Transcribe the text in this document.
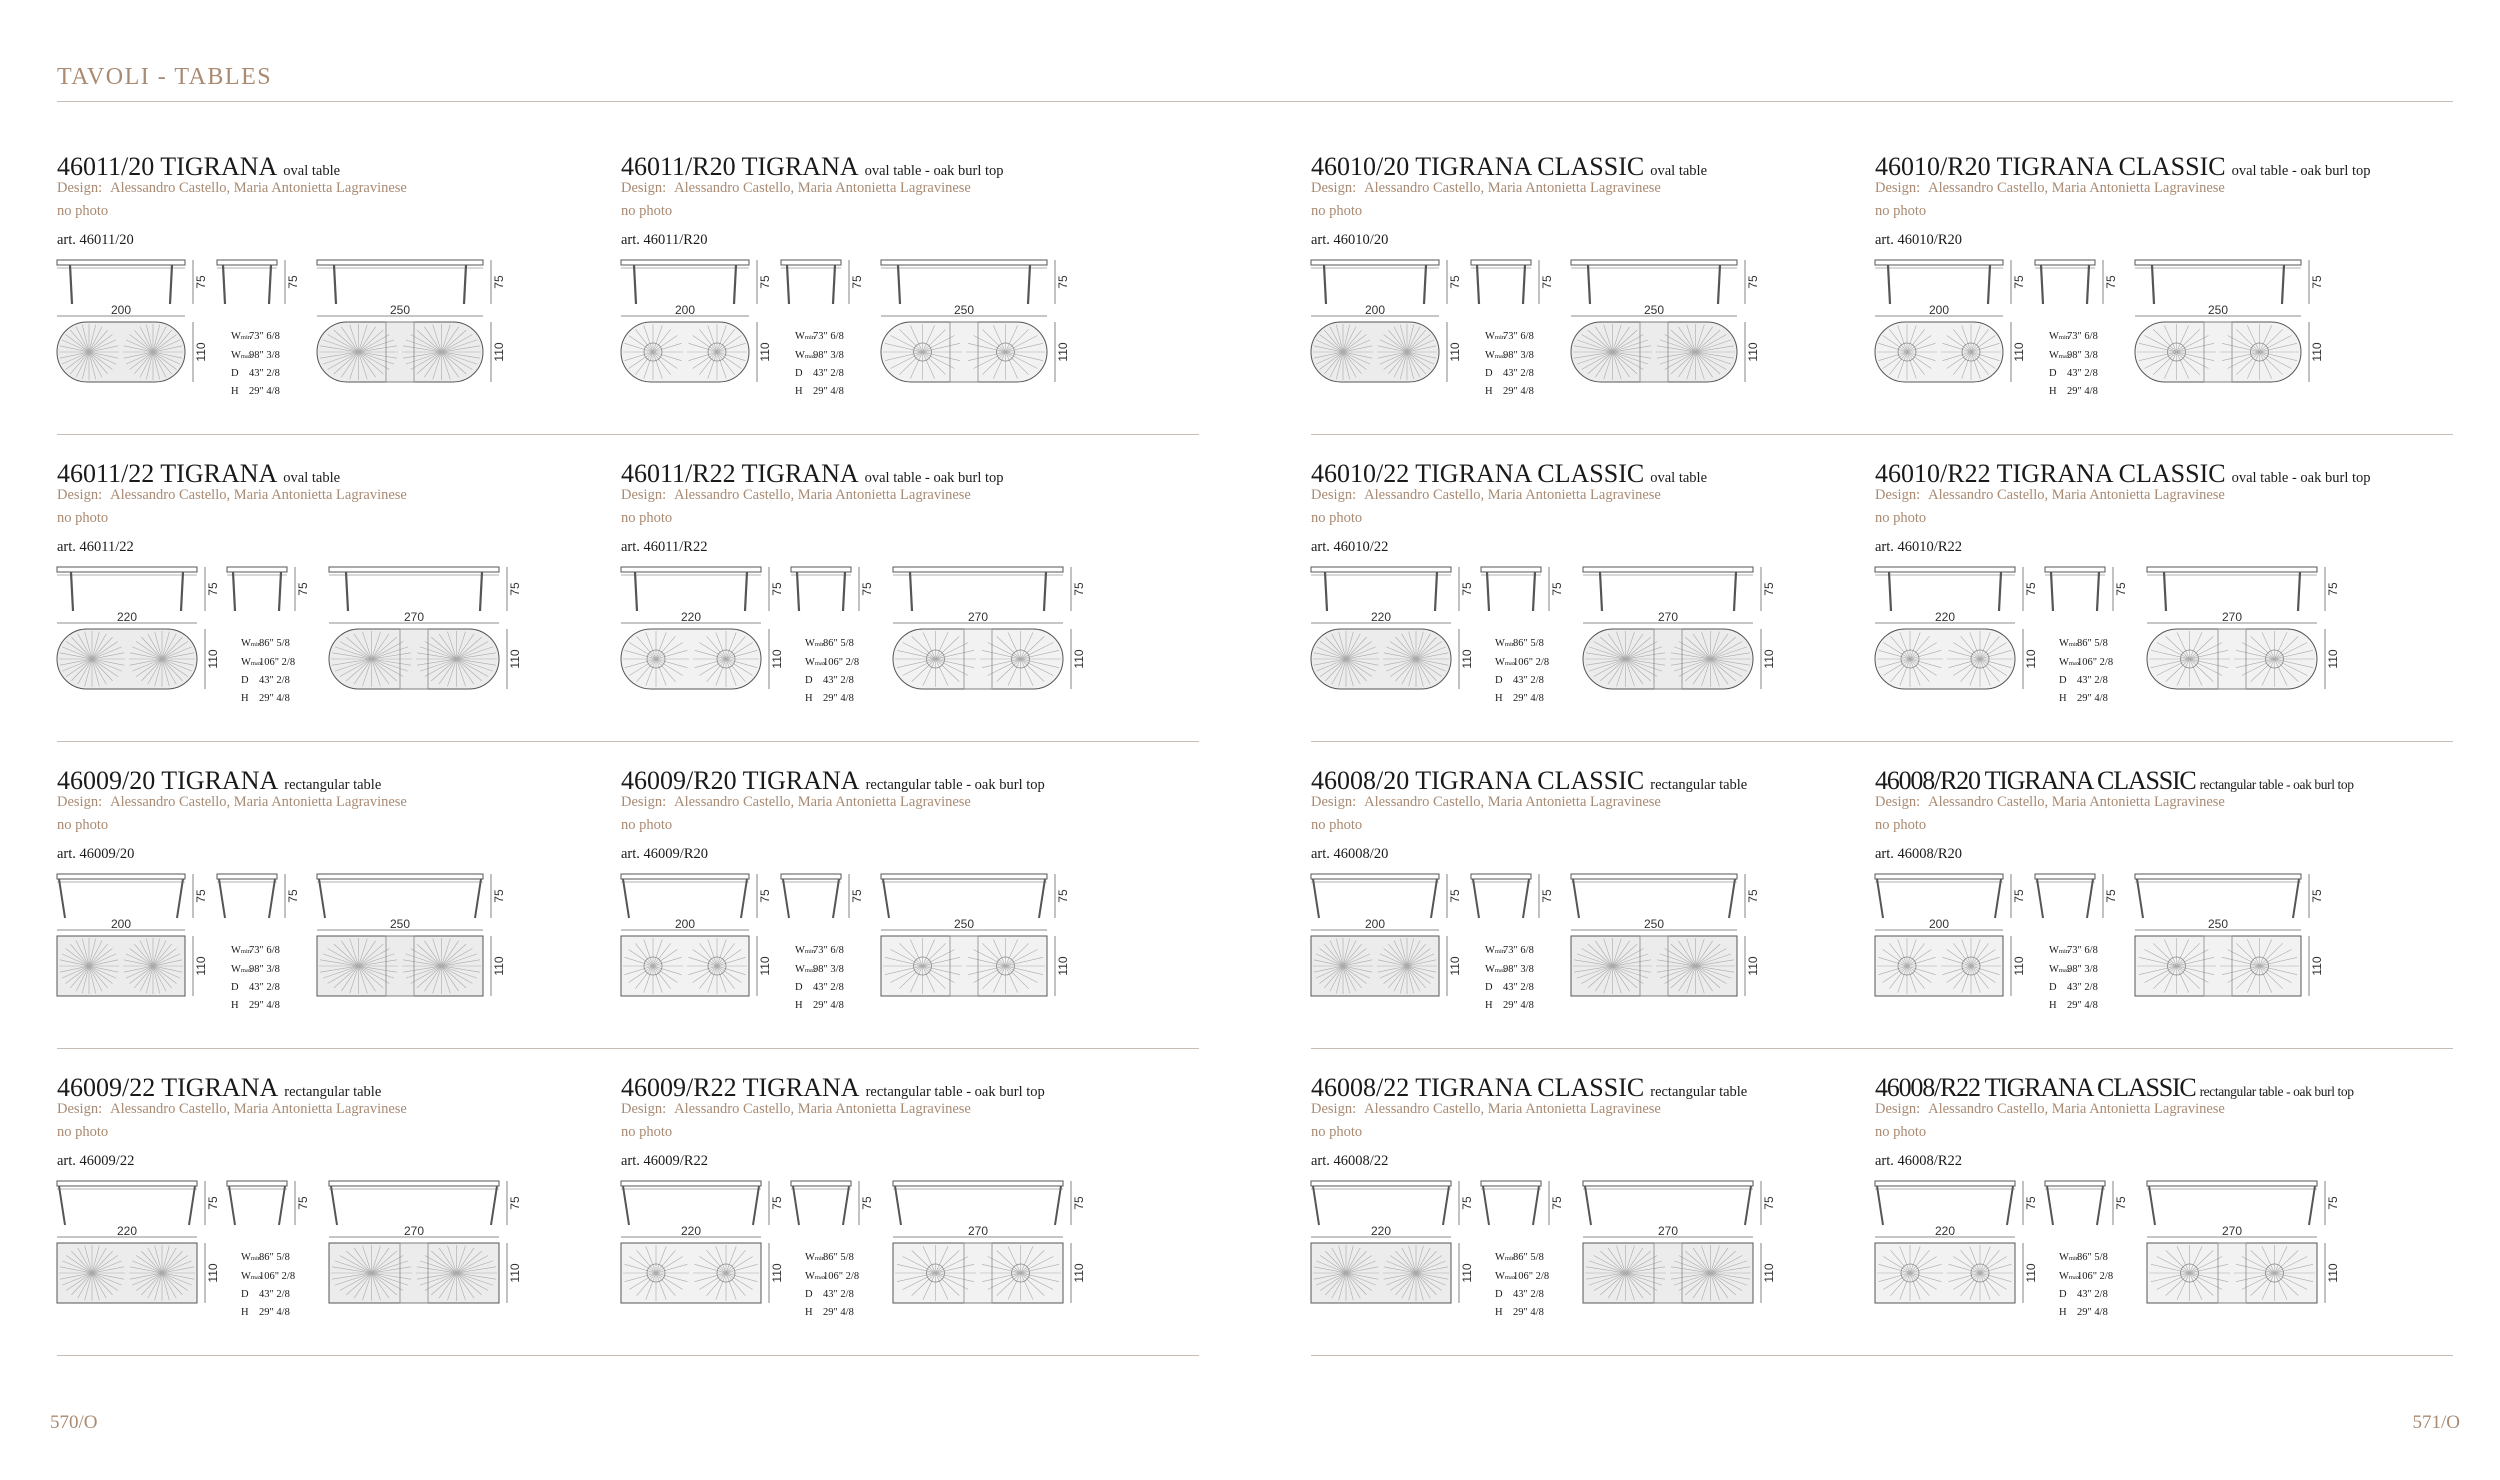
TAVOLI - TABLES
46011/20 TIGRANA oval table
Design: Alessandro Castello, Maria Antonietta Lagravinese
no photo
art. 46011/20
75	75	75
200
110
250
110
Wmin
73" 6/8
Wmax
98" 3/8
D 43" 2/8
H 29" 4/8
46011/R20 TIGRANA oval table - oak burl top
Design: Alessandro Castello, Maria Antonietta Lagravinese
no photo
art. 46011/R20
75	75	75
200
110
250
110
Wmin
73" 6/8
Wmax
98" 3/8
D 43" 2/8
H 29" 4/8
46010/20 TIGRANA CLASSIC oval table
Design: Alessandro Castello, Maria Antonietta Lagravinese
no photo
art. 46010/20
75	75	75
200
110
250
110
Wmin
73" 6/8
Wmax
98" 3/8
D 43" 2/8
H 29" 4/8
46010/R20 TIGRANA CLASSIC oval table - oak burl top
Design: Alessandro Castello, Maria Antonietta Lagravinese
no photo
art. 46010/R20
75	75	75
200
110
250
110
Wmin
73" 6/8
Wmax
98" 3/8
D 43" 2/8
H 29" 4/8
46011/22 TIGRANA oval table
Design: Alessandro Castello, Maria Antonietta Lagravinese
no photo
art. 46011/22
75	75	75
220
110
270
110
Wmin
86" 5/8
Wmax
106" 2/8
D 43" 2/8
H 29" 4/8
46011/R22 TIGRANA oval table - oak burl top
Design: Alessandro Castello, Maria Antonietta Lagravinese
no photo
art. 46011/R22
75	75	75
220
110
270
110
Wmin
86" 5/8
Wmax
106" 2/8
D 43" 2/8
H 29" 4/8
46010/22 TIGRANA CLASSIC oval table
Design: Alessandro Castello, Maria Antonietta Lagravinese
no photo
art. 46010/22
75	75	75
220
110
270
110
Wmin
86" 5/8
Wmax
106" 2/8
D 43" 2/8
H 29" 4/8
46010/R22 TIGRANA CLASSIC oval table - oak burl top
Design: Alessandro Castello, Maria Antonietta Lagravinese
no photo
art. 46010/R22
75	75	75
220
110
270
110
Wmin
86" 5/8
Wmax
106" 2/8
D 43" 2/8
H 29" 4/8
46009/20 TIGRANA rectangular table
Design: Alessandro Castello, Maria Antonietta Lagravinese
no photo
art. 46009/20
75	75	75
200
110
250
110
Wmin
73" 6/8
Wmax
98" 3/8
D 43" 2/8
H 29" 4/8
46009/R20 TIGRANA rectangular table - oak burl top
Design: Alessandro Castello, Maria Antonietta Lagravinese
no photo
art. 46009/R20
75	75	75
200
110
250
110
Wmin
73" 6/8
Wmax
98" 3/8
D 43" 2/8
H 29" 4/8
46008/20 TIGRANA CLASSIC rectangular table
Design: Alessandro Castello, Maria Antonietta Lagravinese
no photo
art. 46008/20
75	75	75
200
110
250
110
Wmin
73" 6/8
Wmax
98" 3/8
D 43" 2/8
H 29" 4/8
46008/R20 TIGRANA CLASSIC rectangular table - oak burl top
Design: Alessandro Castello, Maria Antonietta Lagravinese
no photo
art. 46008/R20
75	75	75
200
110
250
110
Wmin
73" 6/8
Wmax
98" 3/8
D 43" 2/8
H 29" 4/8
46009/22 TIGRANA rectangular table
Design: Alessandro Castello, Maria Antonietta Lagravinese
no photo
art. 46009/22
75	75	75
220
110
270
110
Wmin
86" 5/8
Wmax
106" 2/8
D 43" 2/8
H 29" 4/8
46009/R22 TIGRANA rectangular table - oak burl top
Design: Alessandro Castello, Maria Antonietta Lagravinese
no photo
art. 46009/R22
75	75	75
220
110
270
110
Wmin
86" 5/8
Wmax
106" 2/8
D 43" 2/8
H 29" 4/8
46008/22 TIGRANA CLASSIC rectangular table
Design: Alessandro Castello, Maria Antonietta Lagravinese
no photo
art. 46008/22
75	75	75
220
110
270
110
Wmin
86" 5/8
Wmax
106" 2/8
D 43" 2/8
H 29" 4/8
46008/R22 TIGRANA CLASSIC rectangular table - oak burl top
Design: Alessandro Castello, Maria Antonietta Lagravinese
no photo
art. 46008/R22
75	75	75
220
110
270
110
Wmin
86" 5/8
Wmax
106" 2/8
D 43" 2/8
H 29" 4/8
570/O	571/O
